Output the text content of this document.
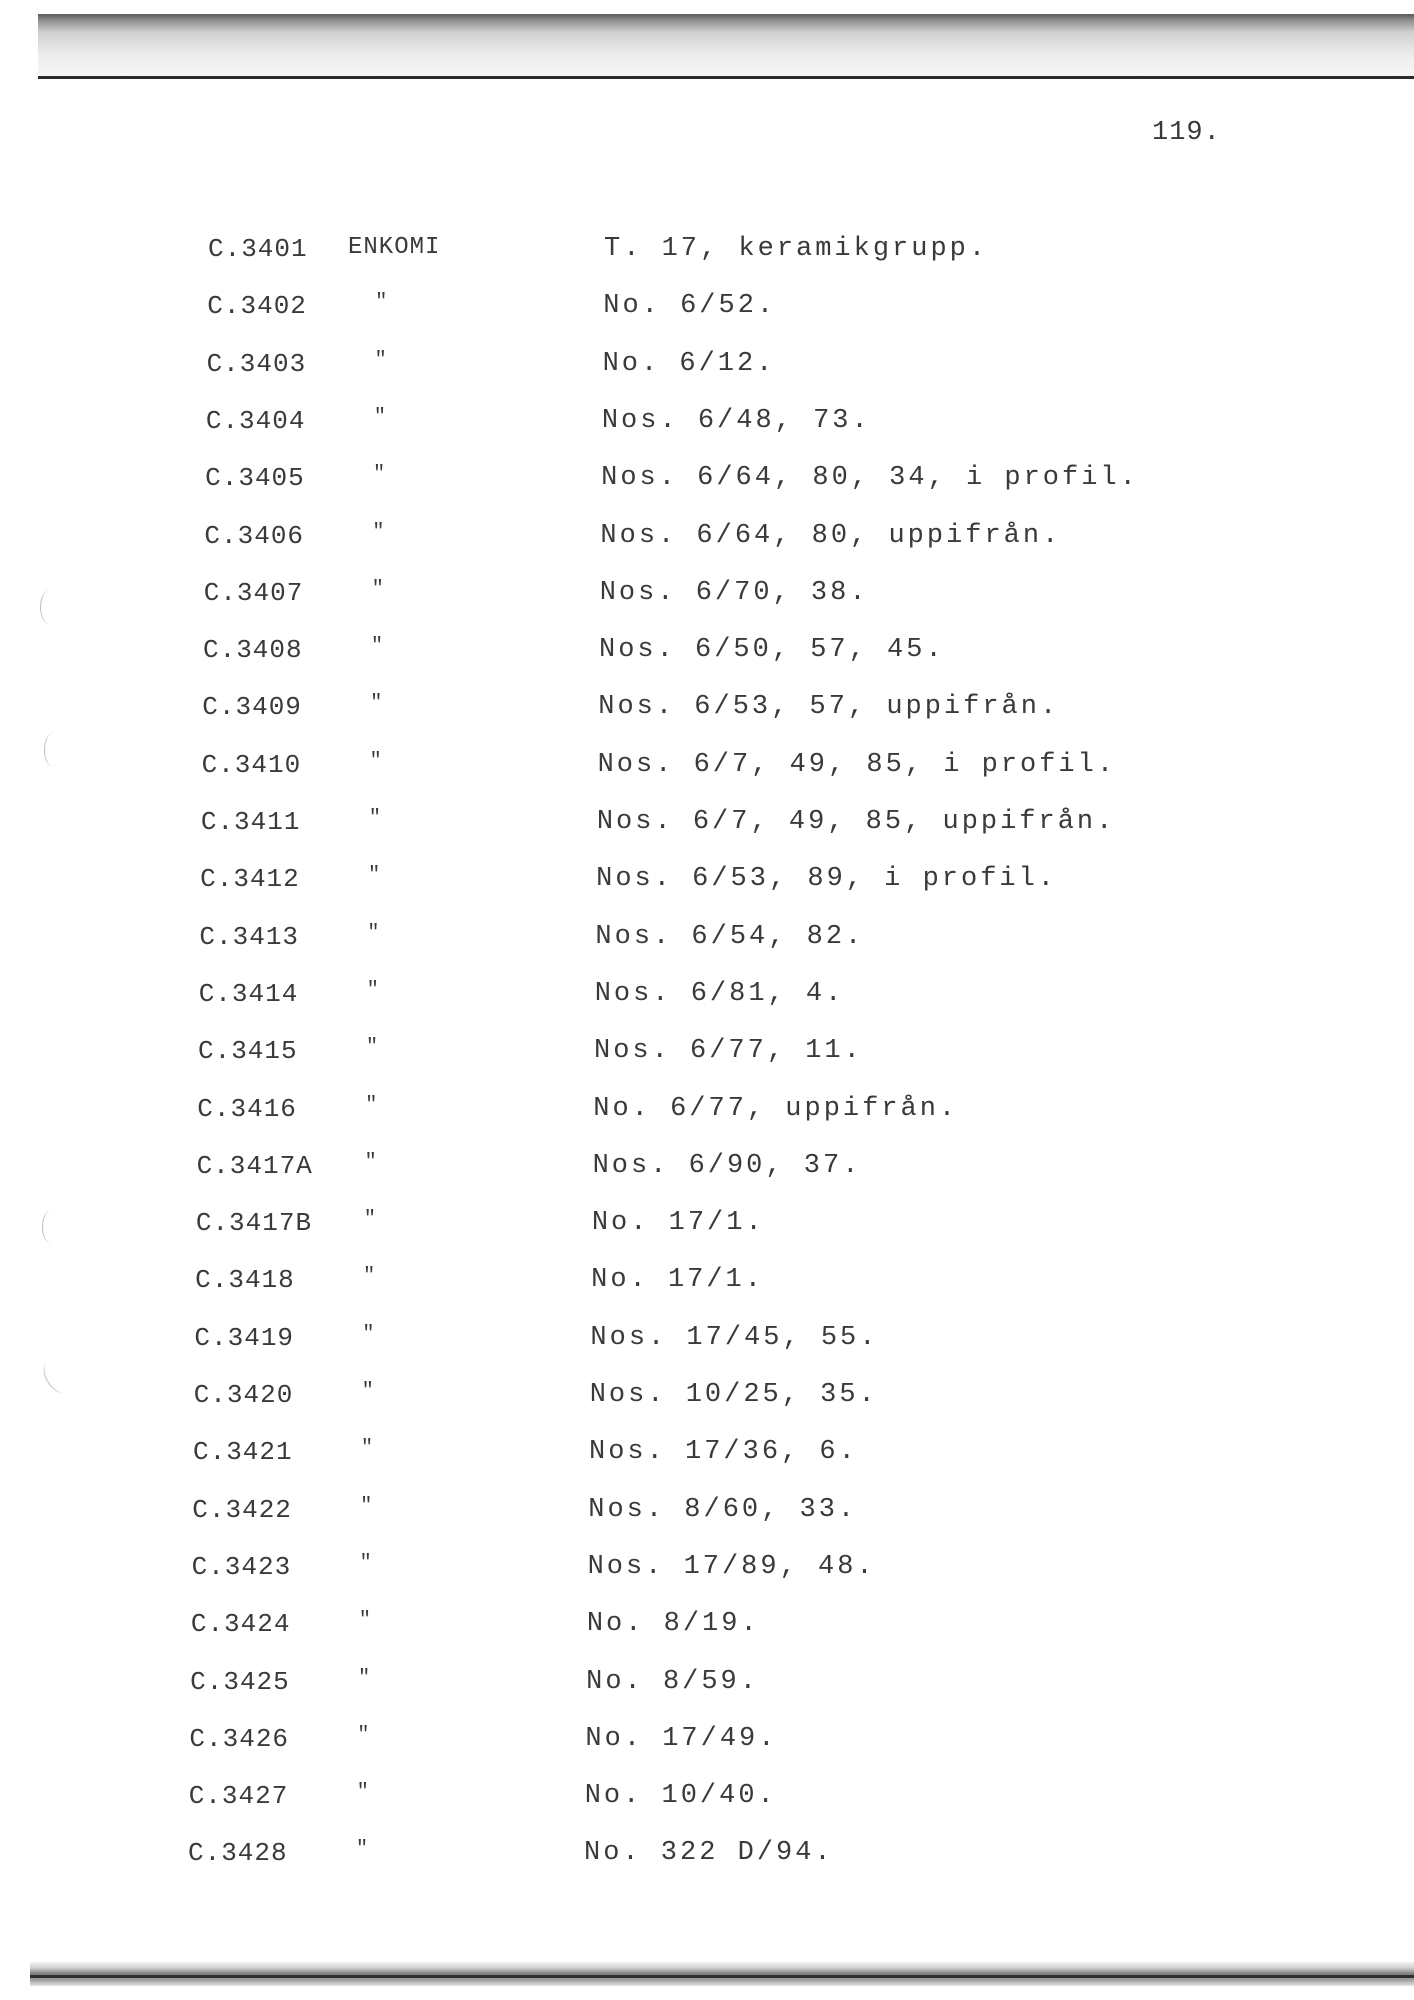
119.
C.3401 ENKOMI	T. 17, keramikgrupp.
C.3402	"	No. 6/52.
C.3403	"	No. 6/12.
C.3404	"	Nos. 6/48, 73.
C.3405	"	Nos. 6/64, 80, 34, i profil.
C.3406	"	Nos. 6/64, 80, uppifrån.
C.3407	"	Nos. 6/70, 38.
C.3408	"	Nos. 6/50, 57, 45.
C.3409	"	Nos. 6/53, 57, uppifrån.
C.3410	"	Nos. 6/7, 49, 85, i profil.
C.3411	"	Nos. 6/7, 49, 85, uppifrån.
C.3412	"	Nos. 6/53, 89, i profil.
C.3413	"	Nos. 6/54, 82.
C.3414	"	Nos. 6/81, 4.
C.3415	"	Nos. 6/77, 11.
C.3416	"	No. 6/77, uppifrån.
C.3417A	"	Nos. 6/90, 37.
C.3417B	"	No. 17/1.
C.3418	"	No. 17/1.
C.3419	"	Nos. 17/45, 55.
C.3420	"	Nos. 10/25, 35.
C.3421	"	Nos. 17/36, 6.
C.3422	"	Nos. 8/60, 33.
C.3423	"	Nos. 17/89, 48.
C.3424	"	No. 8/19.
C.3425	"	No. 8/59.
C.3426	"	No. 17/49.
C.3427	"	No. 10/40.
C.3428	"	No. 322 D/94.
